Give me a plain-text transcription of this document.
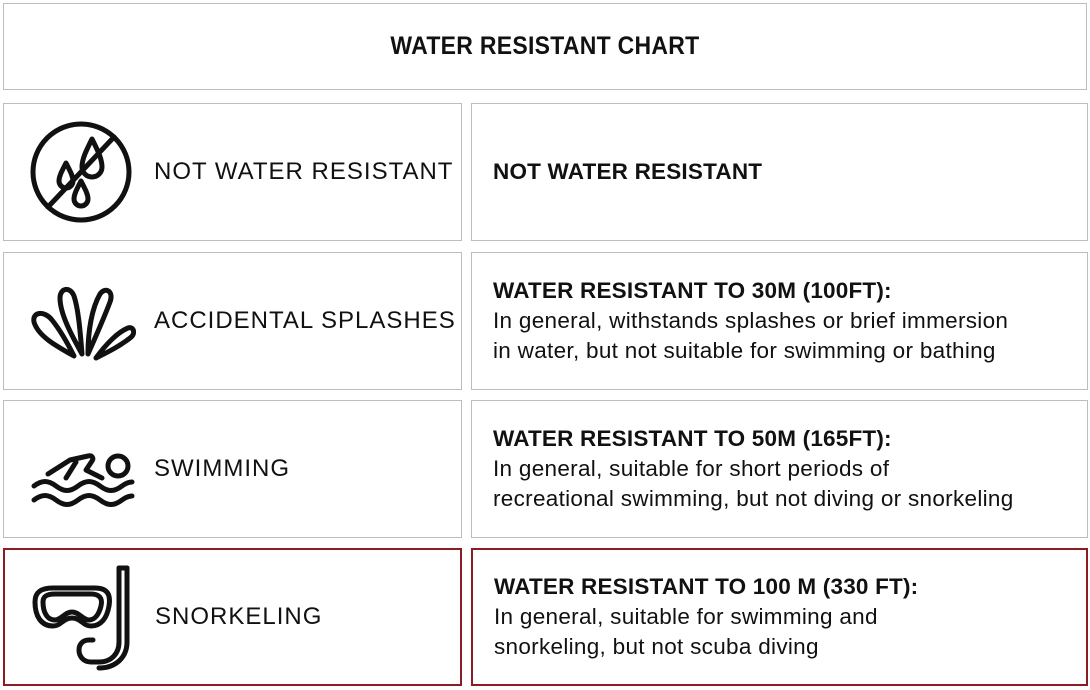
WATER RESISTANT CHART
NOT WATER RESISTANT NOT WATER RESISTANT
ACCIDENTAL SPLASHES
WATER RESISTANT TO 30M (100FT):
In general, withstands splashes or brief immersion
in water, but not suitable for swimming or bathing
SWIMMING
WATER RESISTANT TO 50M (165FT):
In general, suitable for short periods of
recreational swimming, but not diving or snorkeling
SNORKELING
WATER RESISTANT TO 100 M (330 FT):
In general, suitable for swimming and
snorkeling, but not scuba diving
